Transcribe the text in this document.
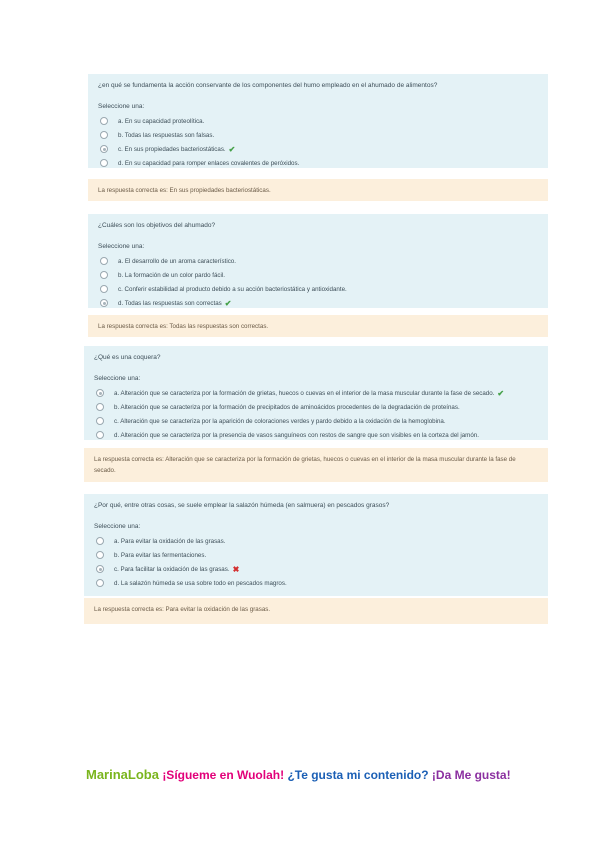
¿en qué se fundamenta la acción conservante de los componentes del humo empleado en el ahumado de alimentos?

Seleccione una:

a. En su capacidad proteolítica.
b. Todas las respuestas son falsas.
c. En sus propiedades bacteriostáticas. ✔
d. En su capacidad para romper enlaces covalentes de peróxidos.
La respuesta correcta es: En sus propiedades bacteriostáticas.

¿Cuáles son los objetivos del ahumado?

Seleccione una:

a. El desarrollo de un aroma característico.
b. La formación de un color pardo fácil.
c. Conferir estabilidad al producto debido a su acción bacteriostática y antioxidante.
d. Todas las respuestas son correctas ✔
La respuesta correcta es: Todas las respuestas son correctas.

¿Qué es una coquera?

Seleccione una:

a. Alteración que se caracteriza por la formación de grietas, huecos o cuevas en el interior de la masa muscular durante la fase de secado. ✔
b. Alteración que se caracteriza por la formación de precipitados de aminoácidos procedentes de la degradación de proteínas.
c. Alteración que se caracteriza por la aparición de coloraciones verdes y pardo debido a la oxidación de la hemoglobina.
d. Alteración que se caracteriza por la presencia de vasos sanguíneos con restos de sangre que son visibles en la corteza del jamón.
La respuesta correcta es: Alteración que se caracteriza por la formación de grietas, huecos o cuevas en el interior de la masa muscular durante la fase de secado.

¿Por qué, entre otras cosas, se suele emplear la salazón húmeda (en salmuera) en pescados grasos?

Seleccione una:

a. Para evitar la oxidación de las grasas.
b. Para evitar las fermentaciones.
c. Para facilitar la oxidación de las grasas. ✖
d. La salazón húmeda se usa sobre todo en pescados magros.
La respuesta correcta es: Para evitar la oxidación de las grasas.
MarinaLoba ¡Sígueme en Wuolah! ¿Te gusta mi contenido? ¡Da Me gusta!
